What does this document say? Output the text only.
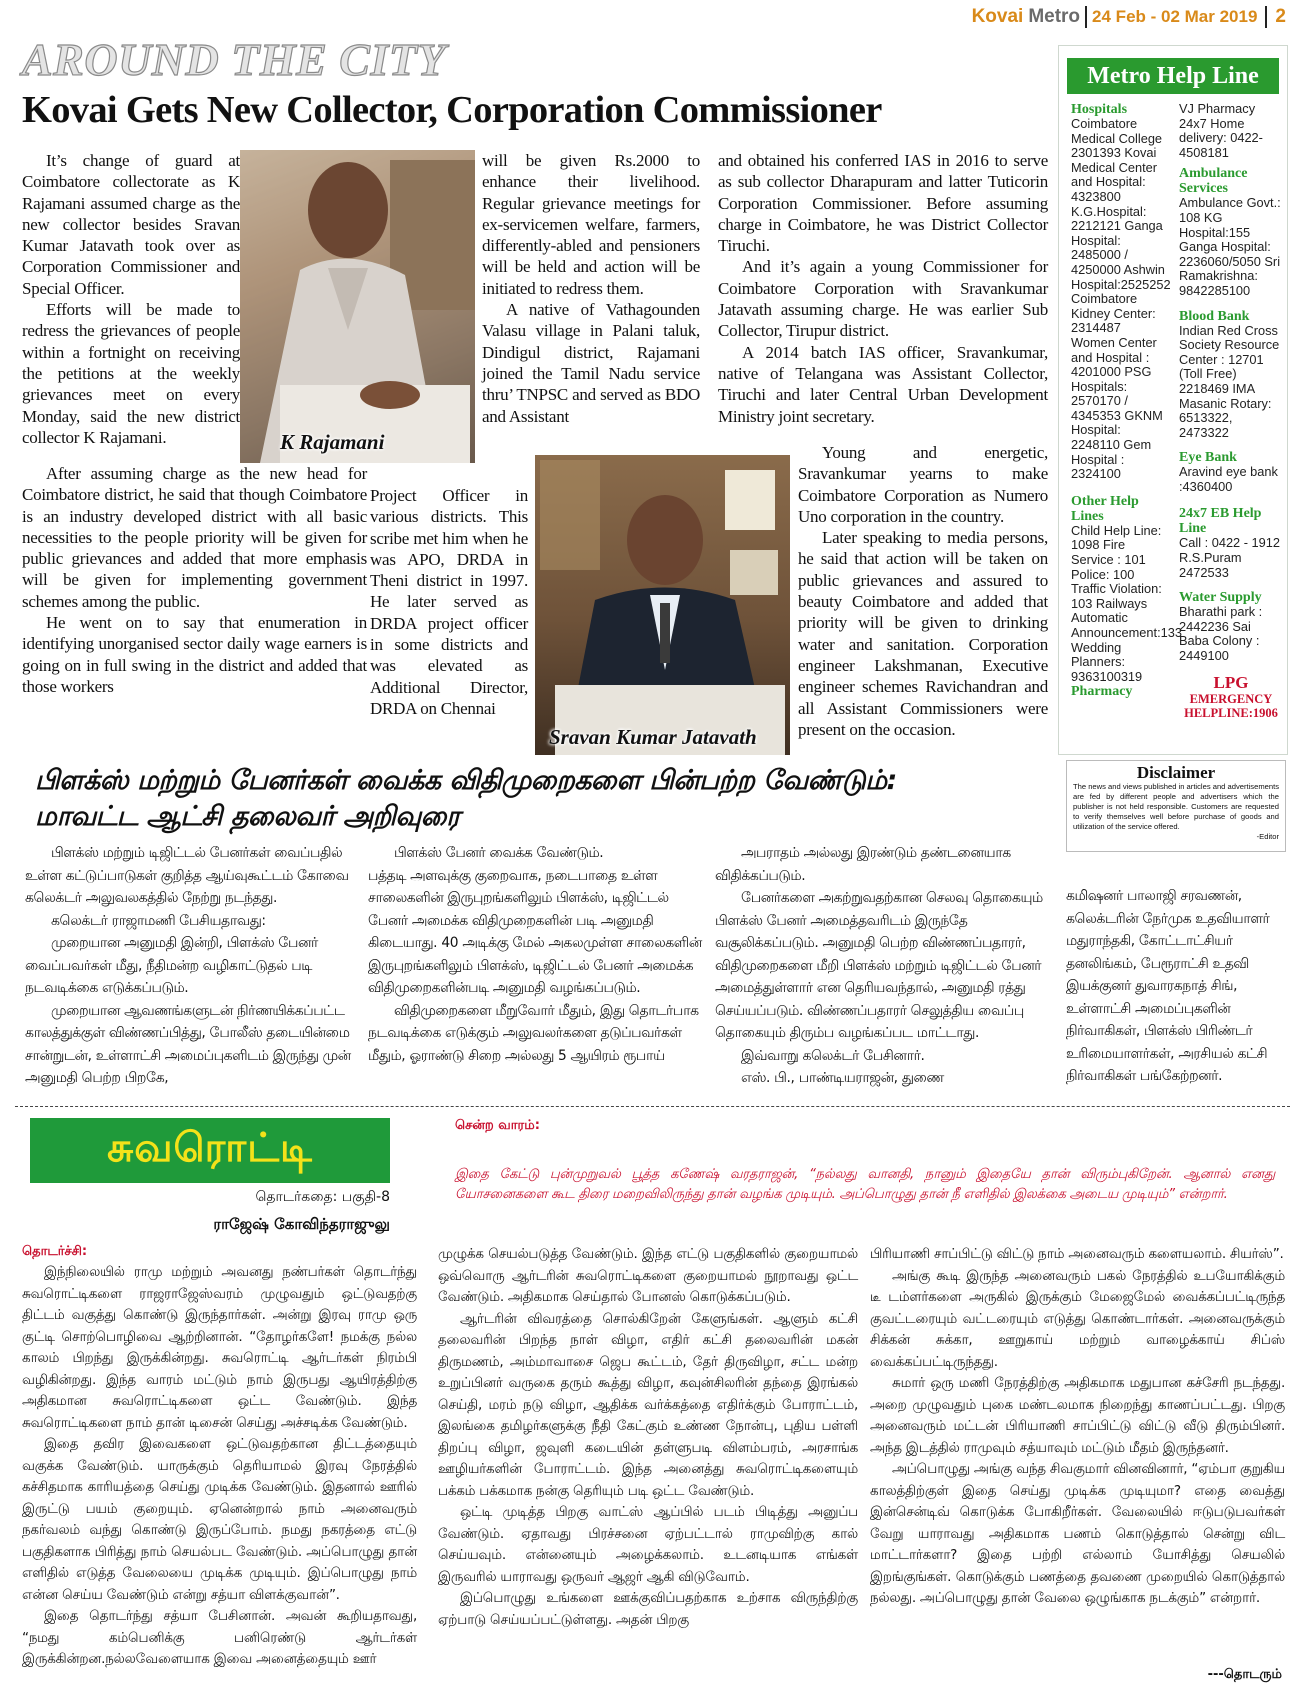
Kovai Metro 24 Feb - 02 Mar 2019 2
AROUND THE CITY
Kovai Gets New Collector, Corporation Commissioner

It’s change of guard at Coimbatore collectorate as K Rajamani assumed charge as the new collector besides Sravan Kumar Jatavath took over as Corporation Commissioner and Special Officer.

Efforts will be made to redress the grievances of people within a fortnight on receiving the petitions at the weekly grievances meet on every Monday, said the new district collector K Rajamani.	K Rajamani

After assuming charge as the new head for Coimbatore district, he said that though Coimbatore is an industry developed district with all basic necessities to the people priority will be given for public grievances and added that more emphasis will be given for implementing government schemes among the public.

He went on to say that enumeration in identifying unorganised sector daily wage earners is going on in full swing in the district and added that those workers

will be given Rs.2000 to enhance their livelihood. Regular grievance meetings for ex-servicemen welfare, farmers, differently-abled and pensioners will be held and action will be initiated to redress them.

A native of Vathagounden Valasu village in Palani taluk, Dindigul district, Rajamani joined the Tamil Nadu service thru’ TNPSC and served as BDO and Assistant

Project Officer in various districts. This scribe met him when he was APO, DRDA in Theni district in 1997. He later served as DRDA project officer in some districts and was elevated as Additional Director, DRDA on Chennai

Sravan Kumar Jatavath

and obtained his conferred IAS in 2016 to serve as sub collector Dharapuram and latter Tuticorin Corporation Commissioner. Before assuming charge in Coimbatore, he was District Collector Tiruchi.

And it’s again a young Commissioner for Coimbatore Corporation with Sravankumar Jatavath assuming charge. He was earlier Sub Collector, Tirupur district.

A 2014 batch IAS officer, Sravankumar, native of Telangana was Assistant Collector, Tiruchi and later Central Urban Development Ministry joint secretary.

Young and energetic, Sravankumar yearns to make Coimbatore Corporation as Numero Uno corporation in the country.

Later speaking to media persons, he said that action will be taken on public grievances and assured to beauty Coimbatore and added that priority will be given to drinking water and sanitation. Corporation engineer Lakshmanan, Executive engineer schemes Ravichandran and all Assistant Commissioners were present on the occasion.

Metro Help Line
Hospitals

Coimbatore Medical College 2301393 Kovai Medical Center and Hospital: 4323800 K.G.Hospital: 2212121 Ganga Hospital: 2485000 / 4250000 Ashwin Hospital:2525252 Coimbatore Kidney Center: 2314487 Women Center and Hospital : 4201000 PSG Hospitals: 2570170 / 4345353 GKNM Hospital: 2248110 Gem Hospital : 2324100

Other Help Lines

Child Help Line: 1098 Fire Service : 101 Police: 100 Traffic Violation: 103 Railways Automatic Announcement:133 Wedding Planners: 9363100319

Pharmacy

VJ Pharmacy 24x7 Home delivery: 0422-4508181

Ambulance Services

Ambulance Govt.: 108 KG Hospital:155 Ganga Hospital: 2236060/5050 Sri Ramakrishna: 9842285100

Blood Bank

Indian Red Cross Society Resource Center : 12701 (Toll Free) 2218469 IMA Masanic Rotary: 6513322, 2473322

Eye Bank

Aravind eye bank :4360400

24x7 EB Help Line

Call : 0422 - 1912 R.S.Puram 2472533

Water Supply

Bharathi park : 2442236 Sai Baba Colony : 2449100

LPG
EMERGENCY HELPLINE:1906
பிளக்ஸ் மற்றும் பேனர்கள் வைக்க விதிமுறைகளை பின்பற்ற வேண்டும்:
மாவட்ட ஆட்சி தலைவர் அறிவுரை
Disclaimer
The news and views published in articles and advertisements are fed by different people and advertisers which the publisher is not held responsible. Customers are requested to verify themselves well before purchase of goods and utilization of the service offered.
-Editor

பிளக்ஸ் மற்றும் டிஜிட்டல் பேனர்கள் வைப்பதில் உள்ள கட்டுப்பாடுகள் குறித்த ஆய்வுகூட்டம் கோவை கலெக்டர் அலுவலகத்தில் நேற்று நடந்தது.

கலெக்டர் ராஜாமணி பேசியதாவது:

முறையான அனுமதி இன்றி, பிளக்ஸ் பேனர் வைப்பவர்கள் மீது, நீதிமன்ற வழிகாட்டுதல் படி நடவடிக்கை எடுக்கப்படும்.

முறையான ஆவணங்களுடன் நிர்ணயிக்கப்பட்ட காலத்துக்குள் விண்ணப்பித்து, போலீஸ் தடையின்மை சான்றுடன், உள்ளாட்சி அமைப்புகளிடம் இருந்து முன் அனுமதி பெற்ற பிறகே,

பிளக்ஸ் பேனர் வைக்க வேண்டும்.

பத்தடி அளவுக்கு குறைவாக, நடைபாதை உள்ள சாலைகளின் இருபுறங்களிலும் பிளக்ஸ், டிஜிட்டல் பேனர் அமைக்க விதிமுறைகளின் படி அனுமதி கிடையாது. 40 அடிக்கு மேல் அகலமுள்ள சாலைகளின் இருபுறங்களிலும் பிளக்ஸ், டிஜிட்டல் பேனர் அமைக்க விதிமுறைகளின்படி அனுமதி வழங்கப்படும்.

விதிமுறைகளை மீறுவோர் மீதும், இது தொடர்பாக நடவடிக்கை எடுக்கும் அலுவலர்களை தடுப்பவர்கள் மீதும், ஓராண்டு சிறை அல்லது 5 ஆயிரம் ரூபாய்

அபராதம் அல்லது இரண்டும் தண்டனையாக விதிக்கப்படும்.

பேனர்களை அகற்றுவதற்கான செலவு தொகையும் பிளக்ஸ் பேனர் அமைத்தவரிடம் இருந்தே வசூலிக்கப்படும். அனுமதி பெற்ற விண்ணப்பதாரர், விதிமுறைகளை மீறி பிளக்ஸ் மற்றும் டிஜிட்டல் பேனர் அமைத்துள்ளார் என தெரியவந்தால், அனுமதி ரத்து செய்யப்படும். விண்ணப்பதாரர் செலுத்திய வைப்பு தொகையும் திரும்ப வழங்கப்பட மாட்டாது.

இவ்வாறு கலெக்டர் பேசினார்.

எஸ். பி., பாண்டியராஜன், துணை

கமிஷனர் பாலாஜி சரவணன், கலெக்டரின் நேர்முக உதவியாளர் மதுராந்தகி, கோட்டாட்சியர் தனலிங்கம், பேரூராட்சி உதவி இயக்குனர் துவாரகநாத் சிங், உள்ளாட்சி அமைப்புகளின் நிர்வாகிகள், பிளக்ஸ் பிரிண்டர் உரிமையாளர்கள், அரசியல் கட்சி நிர்வாகிகள் பங்கேற்றனர்.

சுவரொட்டி
தொடர்கதை: பகுதி-8
ராஜேஷ் கோவிந்தராஜுலு
சென்ற வாரம்:
இதை கேட்டு புன்முறுவல் பூத்த கணேஷ் வரதராஜன், “நல்லது வானதி, நானும் இதையே தான் விரும்புகிறேன். ஆனால் எனது யோசனைகளை கூட திரை மறைவிலிருந்து தான் வழங்க முடியும். அப்பொழுது தான் நீ எளிதில் இலக்கை அடைய முடியும்” என்றார்.
தொடர்ச்சி:

இந்நிலையில் ராமு மற்றும் அவனது நண்பர்கள் தொடர்ந்து சுவரொட்டிகளை ராஜராஜேஸ்வரம் முழுவதும் ஒட்டுவதற்கு திட்டம் வகுத்து கொண்டு இருந்தார்கள். அன்று இரவு ராமு ஒரு குட்டி சொற்பொழிவை ஆற்றினான். “தோழர்களே! நமக்கு நல்ல காலம் பிறந்து இருக்கின்றது. சுவரொட்டி ஆர்டர்கள் நிரம்பி வழிகின்றது. இந்த வாரம் மட்டும் நாம் இருபது ஆயிரத்திற்கு அதிகமான சுவரொட்டிகளை ஒட்ட வேண்டும். இந்த சுவரொட்டிகளை நாம் தான் டிசைன் செய்து அச்சடிக்க வேண்டும்.

இதை தவிர இவைகளை ஒட்டுவதற்கான திட்டத்தையும் வகுக்க வேண்டும். யாருக்கும் தெரியாமல் இரவு நேரத்தில் கச்சிதமாக காரியத்தை செய்து முடிக்க வேண்டும். இதனால் ஊரில் இருட்டு பயம் குறையும். ஏனென்றால் நாம் அனைவரும் நகர்வலம் வந்து கொண்டு இருப்போம். நமது நகரத்தை எட்டு பகுதிகளாக பிரித்து நாம் செயல்பட வேண்டும். அப்பொழுது தான் எளிதில் எடுத்த வேலையை முடிக்க முடியும். இப்பொழுது நாம் என்ன செய்ய வேண்டும் என்று சத்யா விளக்குவான்”.

இதை தொடர்ந்து சத்யா பேசினான். அவன் கூறியதாவது, “நமது கம்பெனிக்கு பனிரெண்டு ஆர்டர்கள் இருக்கின்றன.நல்லவேளையாக இவை அனைத்தையும் ஊர்

முழுக்க செயல்படுத்த வேண்டும். இந்த எட்டு பகுதிகளில் குறையாமல் ஒவ்வொரு ஆர்டரின் சுவரொட்டிகளை குறையாமல் நூறாவது ஒட்ட வேண்டும். அதிகமாக செய்தால் போனஸ் கொடுக்கப்படும்.

ஆர்டரின் விவரத்தை சொல்கிறேன் கேளுங்கள். ஆளும் கட்சி தலைவரின் பிறந்த நாள் விழா, எதிர் கட்சி தலைவரின் மகன் திருமணம், அம்மாவாசை ஜெப கூட்டம், தேர் திருவிழா, சட்ட மன்ற உறுப்பினர் வருகை தரும் கூத்து விழா, கவுன்சிலரின் தந்தை இரங்கல் செய்தி, மரம் நடு விழா, ஆதிக்க வர்க்கத்தை எதிர்க்கும் போராட்டம், இலங்கை தமிழர்களுக்கு நீதி கேட்கும் உண்ண நோன்பு, புதிய பள்ளி திறப்பு விழா, ஜவுளி கடையின் தள்ளுபடி விளம்பரம், அரசாங்க ஊழியர்களின் போராட்டம். இந்த அனைத்து சுவரொட்டிகளையும் பக்கம் பக்கமாக நன்கு தெரியும் படி ஒட்ட வேண்டும்.

ஒட்டி முடித்த பிறகு வாட்ஸ் ஆப்பில் படம் பிடித்து அனுப்ப வேண்டும். ஏதாவது பிரச்சனை ஏற்பட்டால் ராமுவிற்கு கால் செய்யவும். என்னையும் அழைக்கலாம். உடனடியாக எங்கள் இருவரில் யாராவது ஒருவர் ஆஜர் ஆகி விடுவோம்.

இப்பொழுது உங்களை ஊக்குவிப்பதற்காக உற்சாக விருந்திற்கு ஏற்பாடு செய்யப்பட்டுள்ளது. அதன் பிறகு

பிரியாணி சாப்பிட்டு விட்டு நாம் அனைவரும் களையலாம். சியர்ஸ்”.

அங்கு கூடி இருந்த அனைவரும் பகல் நேரத்தில் உபயோகிக்கும் டீ டம்ளர்களை அருகில் இருக்கும் மேஜைமேல் வைக்கப்பட்டிருந்த குவட்டரையும் வட்டரையும் எடுத்து கொண்டார்கள். அனைவருக்கும் சிக்கன் சுக்கா, ஊறுகாய் மற்றும் வாழைக்காய் சிப்ஸ் வைக்கப்பட்டிருந்தது.

சுமார் ஒரு மணி நேரத்திற்கு அதிகமாக மதுபான கச்சேரி நடந்தது. அறை முழுவதும் புகை மண்டலமாக நிறைந்து காணப்பட்டது. பிறகு அனைவரும் மட்டன் பிரியாணி சாப்பிட்டு விட்டு வீடு திரும்பினர். அந்த இடத்தில் ராமுவும் சத்யாவும் மட்டும் மீதம் இருந்தனர்.

அப்பொழுது அங்கு வந்த சிவகுமார் வினவினார், “ஏம்பா குறுகிய காலத்திற்குள் இதை செய்து முடிக்க முடியுமா? எதை வைத்து இன்சென்டிவ் கொடுக்க போகிறீர்கள். வேலையில் ஈடுபடுபவர்கள் வேறு யாராவது அதிகமாக பணம் கொடுத்தால் சென்று விட மாட்டார்களா? இதை பற்றி எல்லாம் யோசித்து செயலில் இறங்குங்கள். கொடுக்கும் பணத்தை தவணை முறையில் கொடுத்தால் நல்லது. அப்பொழுது தான் வேலை ஒழுங்காக நடக்கும்” என்றார்.

---தொடரும்
